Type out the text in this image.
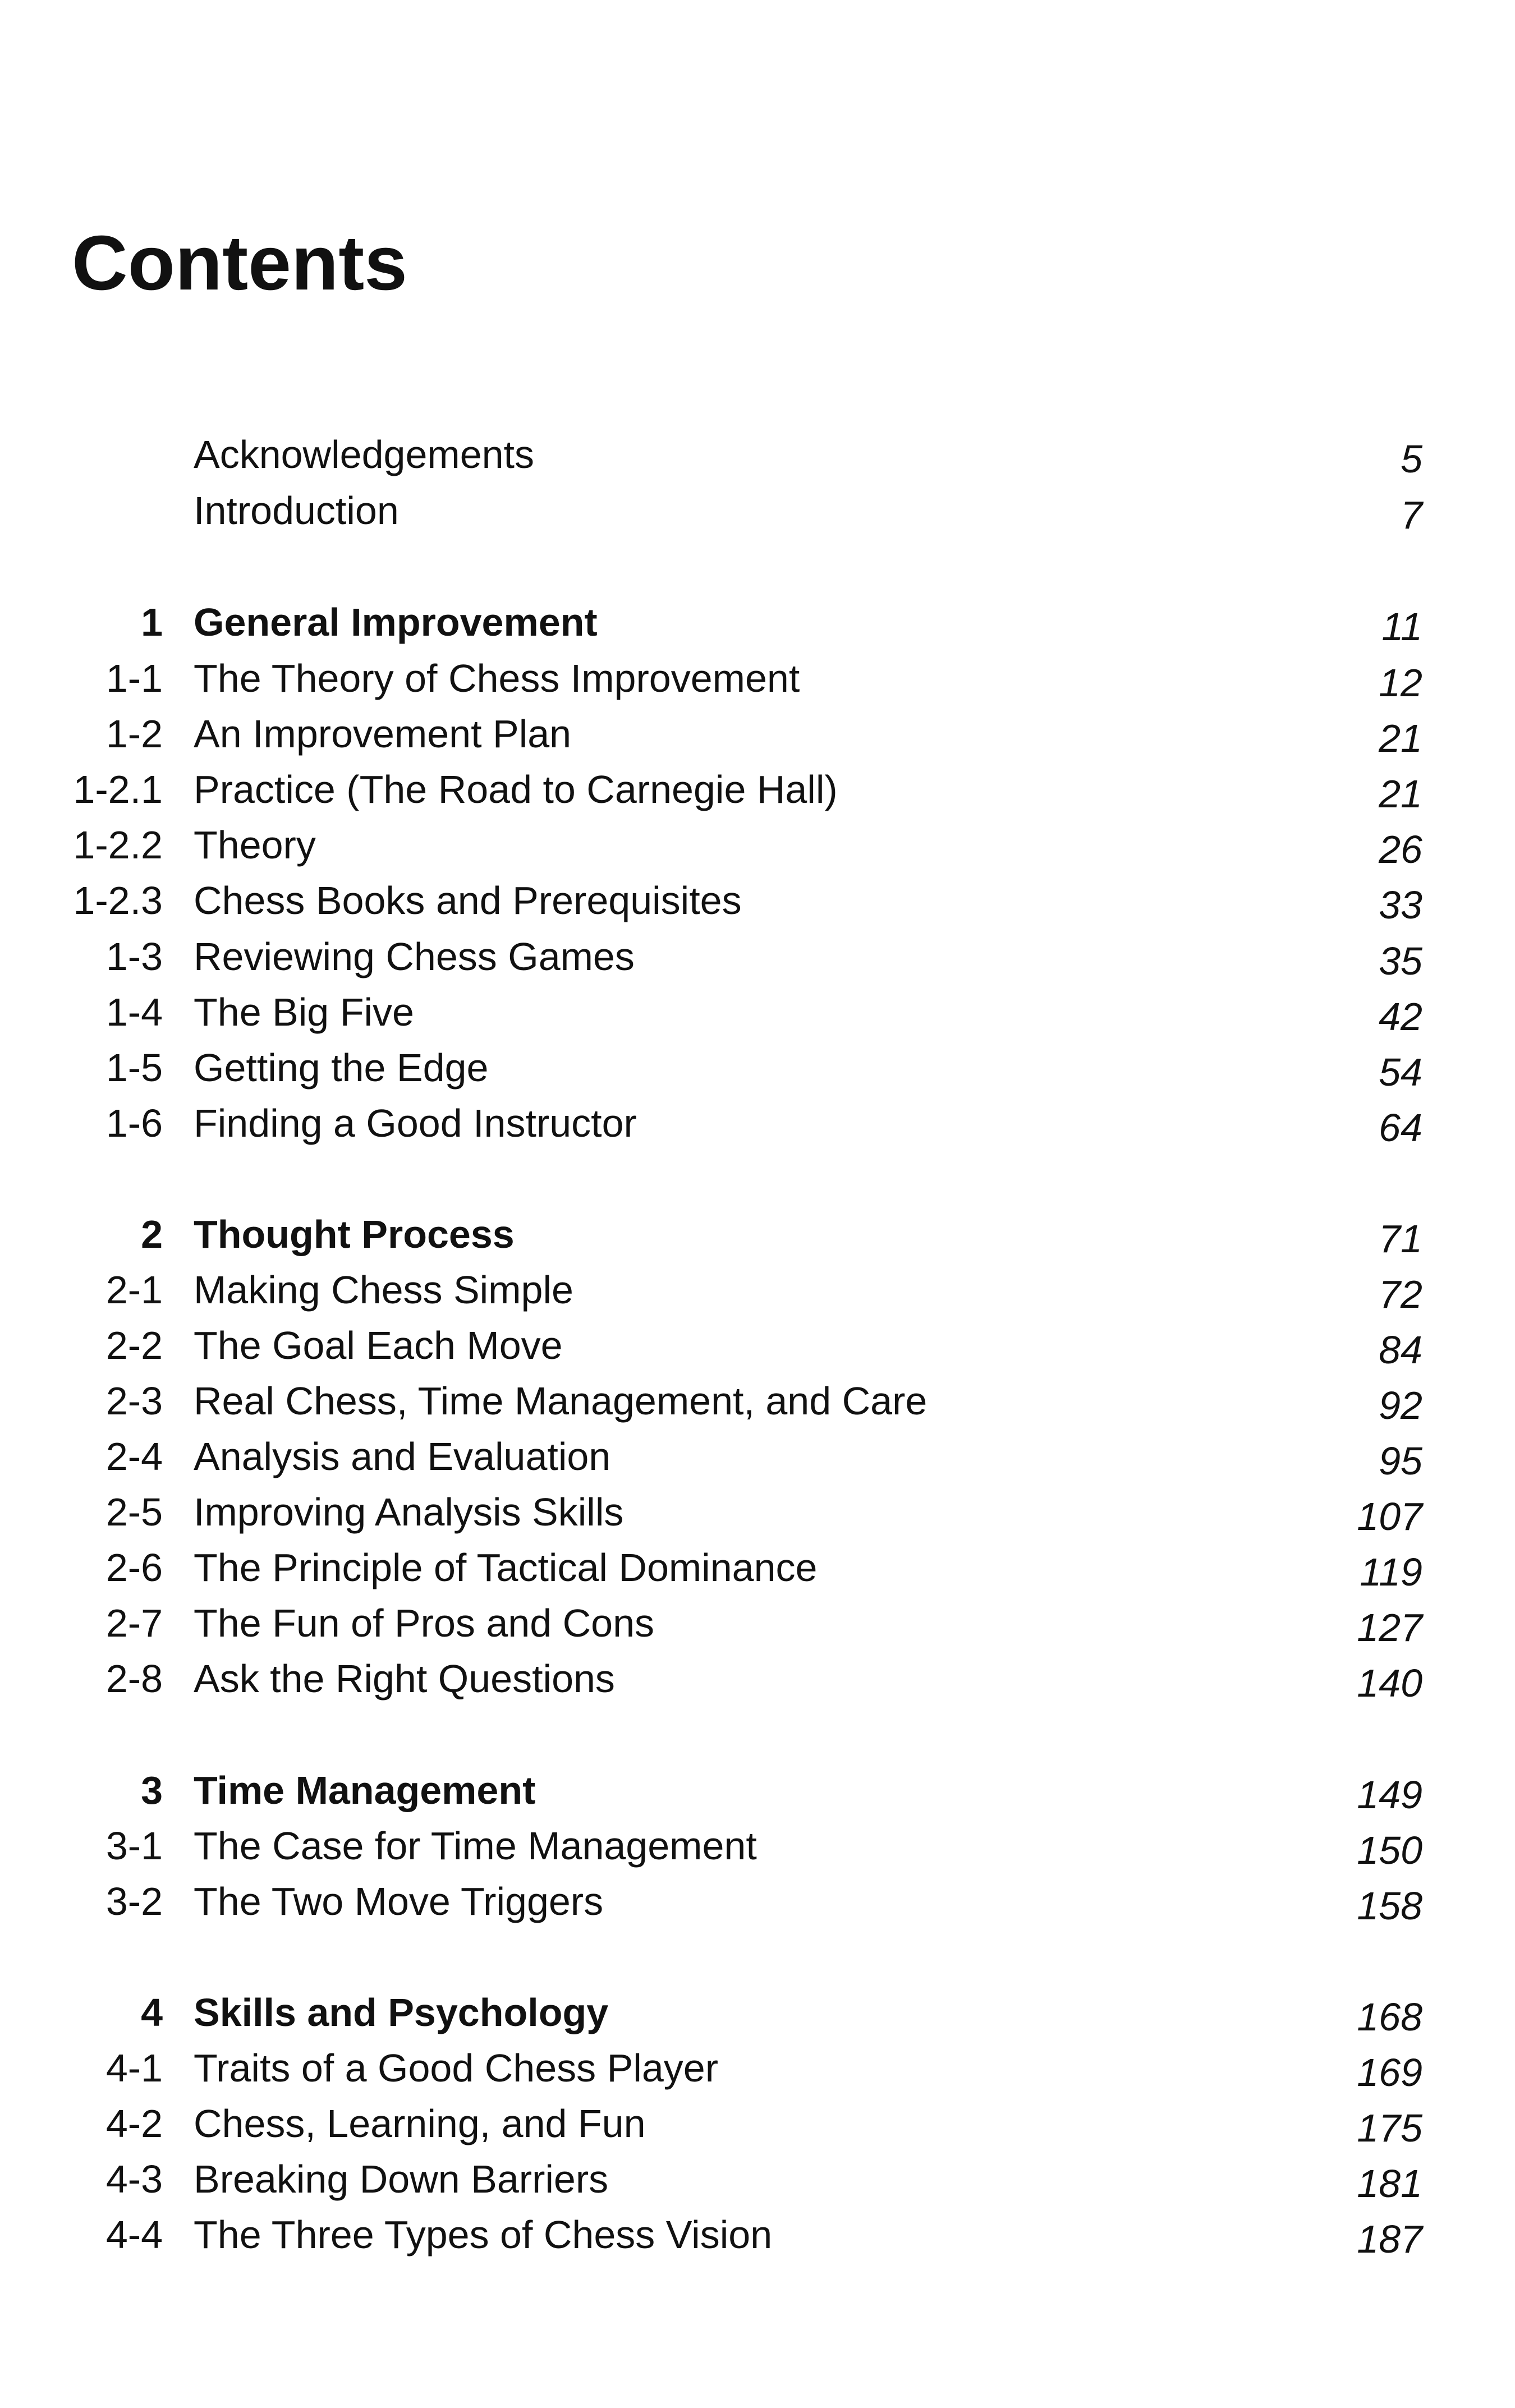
Contents
Acknowledgements	5
Introduction	7
1 General Improvement	11
1-1 The Theory of Chess Improvement	12
1-2 An Improvement Plan	21
1-2.1 Practice (The Road to Carnegie Hall)	21
1-2.2 Theory	26
1-2.3 Chess Books and Prerequisites	33
1-3 Reviewing Chess Games	35
1-4 The Big Five	42
1-5 Getting the Edge	54
1-6 Finding a Good Instructor	64
2 Thought Process	71
2-1 Making Chess Simple	72
2-2 The Goal Each Move	84
2-3 Real Chess, Time Management, and Care	92
2-4 Analysis and Evaluation	95
2-5 Improving Analysis Skills	107
2-6 The Principle of Tactical Dominance	119
2-7 The Fun of Pros and Cons	127
2-8 Ask the Right Questions	140
3 Time Management	149
3-1 The Case for Time Management	150
3-2 The Two Move Triggers	158
4 Skills and Psychology	168
4-1 Traits of a Good Chess Player	169
4-2 Chess, Learning, and Fun	175
4-3 Breaking Down Barriers	181
4-4 The Three Types of Chess Vision	187
